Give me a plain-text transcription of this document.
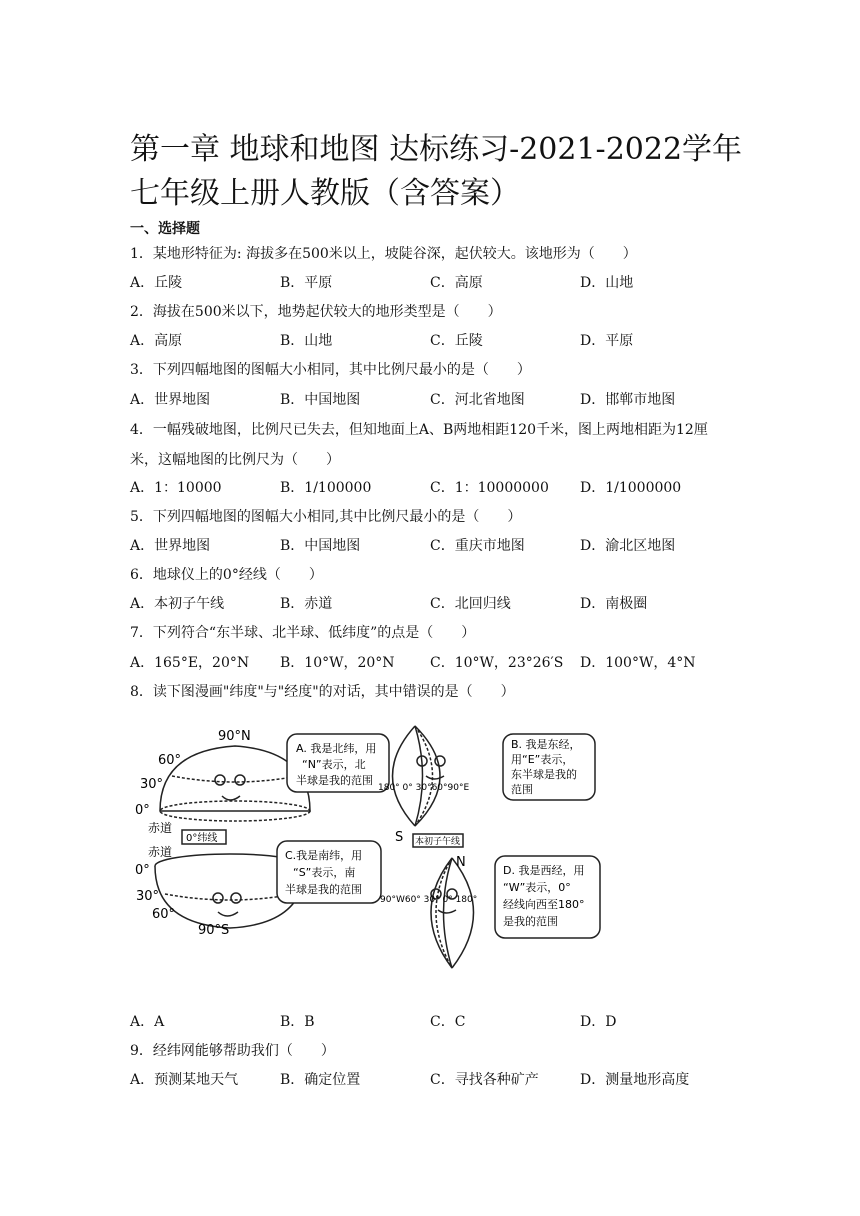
第一章 地球和地图 达标练习-2021-2022学年七年级上册人教版（含答案）
一、选择题
1．某地形特征为: 海拔多在500米以上，坡陡谷深，起伏较大。该地形为（　　）
A．丘陵	B．平原	C．高原	D．山地
2．海拔在500米以下，地势起伏较大的地形类型是（　　）
A．高原	B．山地	C．丘陵	D．平原
3．下列四幅地图的图幅大小相同，其中比例尺最小的是（　　）
A．世界地图	B．中国地图	C．河北省地图	D．邯郸市地图
4．一幅残破地图，比例尺已失去，但知地面上A、B两地相距120千米，图上两地相距为12厘米，这幅地图的比例尺为（　　）
A．1：10000	B．1/100000	C．1：10000000 D．1/1000000
5．下列四幅地图的图幅大小相同,其中比例尺最小的是（　　）
A．世界地图	B．中国地图	C．重庆市地图	D．渝北区地图
6．地球仪上的0°经线（　　）
A．本初子午线	B．赤道	C．北回归线	D．南极圈
7．下列符合“东半球、北半球、低纬度”的点是（　　）
A．165°E，20°N B．10°W，20°N	C．10°W，23°26′S D．100°W，4°N
8．读下图漫画"纬度"与"经度"的对话，其中错误的是（　　）
90°N
60°
30°
0°
赤道
0°纬线
赤道
0°
30°
60°
90°S
A. 我是北纬，用
“N”表示，北
半球是我的范围
B. 我是东经，
用“E”表示，
东半球是我的
范围
C.我是南纬，用
“S”表示，南
半球是我的范围
D. 我是西经，用
“W”表示，0°
经线向西至180°
是我的范围
180° 0° 30°60°90°E
90°W60° 30° 0° 180°
S
N
本初子午线
A．A	B．B	C．C	D．D
9．经纬网能够帮助我们（　　）
A．预测某地天气	B．确定位置	C．寻找各种矿产	D．测量地形高度
